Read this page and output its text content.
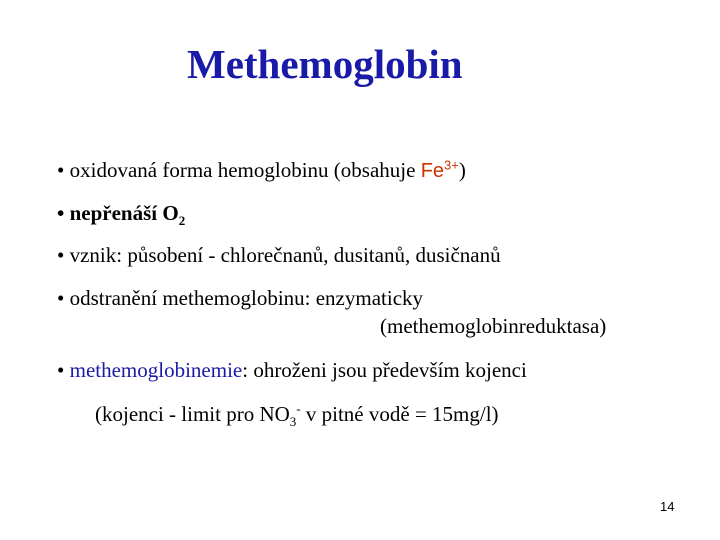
Methemoglobin
• oxidovaná forma hemoglobinu (obsahuje $Fe^{3+}$)
• nepřenáší $O_2$
• vznik: působení - chlorečnanů, dusitanů, dusičnanů
• odstranění methemoglobinu: enzymaticky
(methemoglobinreduktasa)
• methemoglobinemie: ohroženi jsou především kojenci
(kojenci - limit pro $NO_3^-$ v pitné vodě = 15mg/l)
14
